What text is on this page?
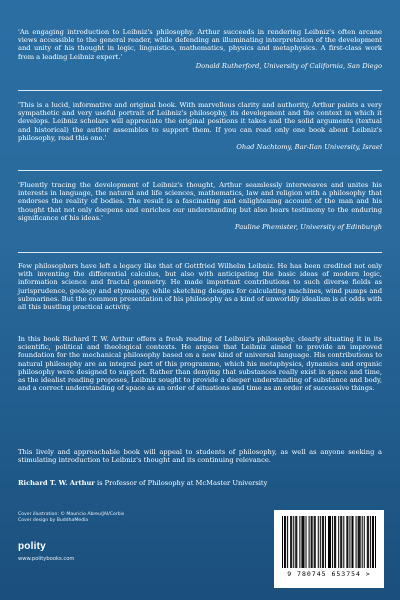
'An engaging introduction to Leibniz's philosophy. Arthur succeeds in rendering Leibniz's often arcane views accessible to the general reader, while defending an illuminating interpretation of the development and unity of his thought in logic, linguistics, mathematics, physics and metaphysics. A first-class work from a leading Leibniz expert.'
Donald Rutherford, University of California, San Diego
'This is a lucid, informative and original book. With marvellous clarity and authority, Arthur paints a very sympathetic and very useful portrait of Leibniz's philosophy, its development and the context in which it develops. Leibniz scholars will appreciate the original positions it takes and the solid arguments (textual and historical) the author assembles to support them. If you can read only one book about Leibniz's philosophy, read this one.'
Ohad Nachtomy, Bar-Ilan University, Israel
'Fluently tracing the development of Leibniz's thought, Arthur seamlessly interweaves and unites his interests in language, the natural and life sciences, mathematics, law and religion with a philosophy that endorses the reality of bodies. The result is a fascinating and enlightening account of the man and his thought that not only deepens and enriches our understanding but also bears testimony to the enduring significance of his ideas.'
Pauline Phemister, University of Edinburgh
Few philosophers have left a legacy like that of Gottfried Wilhelm Leibniz. He has been credited not only with inventing the differential calculus, but also with anticipating the basic ideas of modern logic, information science and fractal geometry. He made important contributions to such diverse fields as jurisprudence, geology and etymology, while sketching designs for calculating machines, wind pumps and submarines. But the common presentation of his philosophy as a kind of unworldly idealism is at odds with all this bustling practical activity.
In this book Richard T. W. Arthur offers a fresh reading of Leibniz's philosophy, clearly situating it in its scientific, political and theological contexts. He argues that Leibniz aimed to provide an improved foundation for the mechanical philosophy based on a new kind of universal language. His contributions to natural philosophy are an integral part of this programme, which his metaphysics, dynamics and organic philosophy were designed to support. Rather than denying that substances really exist in space and time, as the idealist reading proposes, Leibniz sought to provide a deeper understanding of substance and body, and a correct understanding of space as an order of situations and time as an order of successive things.
This lively and approachable book will appeal to students of philosophy, as well as anyone seeking a stimulating introduction to Leibniz's thought and its continuing relevance.
Richard T. W. Arthur is Professor of Philosophy at McMaster University
Cover illustration: © Mauricio Abreu/JAI/Corbis
Cover design by BuddhaMedia
polity
www.politybooks.com
9 780745 653754 >
